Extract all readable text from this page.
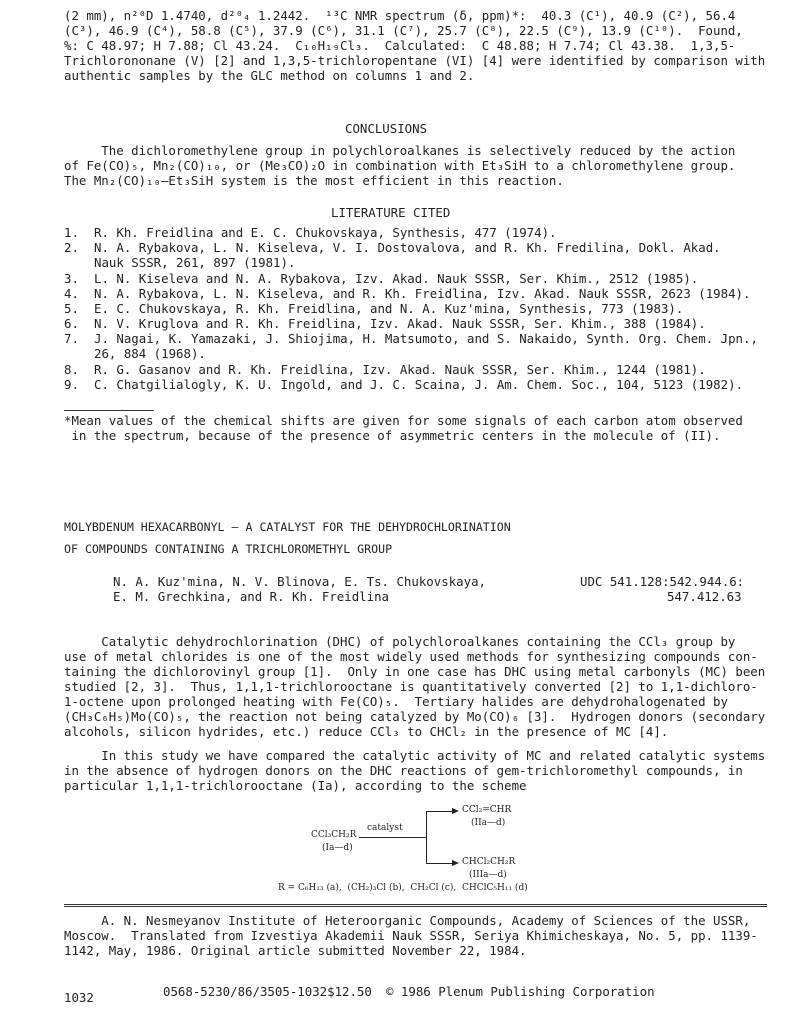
(2 mm), n²⁰D 1.4740, d²⁰₄ 1.2442.  ¹³C NMR spectrum (δ, ppm)*:  40.3 (C¹), 40.9 (C²), 56.4
(C³), 46.9 (C⁴), 58.8 (C⁵), 37.9 (C⁶), 31.1 (C⁷), 25.7 (C⁸), 22.5 (C⁹), 13.9 (C¹⁰).  Found,
%: C 48.97; H 7.88; Cl 43.24.  C₁₀H₁₉Cl₃.  Calculated:  C 48.88; H 7.74; Cl 43.38.  1,3,5-
Trichlorononane (V) [2] and 1,3,5-trichloropentane (VI) [4] were identified by comparison with
authentic samples by the GLC method on columns 1 and 2.
CONCLUSIONS
The dichloromethylene group in polychloroalkanes is selectively reduced by the action
of Fe(CO)₅, Mn₂(CO)₁₀, or (Me₃CO)₂O in combination with Et₃SiH to a chloromethylene group.
The Mn₂(CO)₁₀–Et₃SiH system is the most efficient in this reaction.
LITERATURE CITED
1. R. Kh. Freidlina and E. C. Chukovskaya, Synthesis, 477 (1974).
2. N. A. Rybakova, L. N. Kiseleva, V. I. Dostovalova, and R. Kh. Fredilina, Dokl. Akad.
Nauk SSSR, 261, 897 (1981).
3. L. N. Kiseleva and N. A. Rybakova, Izv. Akad. Nauk SSSR, Ser. Khim., 2512 (1985).
4. N. A. Rybakova, L. N. Kiseleva, and R. Kh. Freidlina, Izv. Akad. Nauk SSSR, 2623 (1984).
5. E. C. Chukovskaya, R. Kh. Freidlina, and N. A. Kuz'mina, Synthesis, 773 (1983).
6. N. V. Kruglova and R. Kh. Freidlina, Izv. Akad. Nauk SSSR, Ser. Khim., 388 (1984).
7. J. Nagai, K. Yamazaki, J. Shiojima, H. Matsumoto, and S. Nakaido, Synth. Org. Chem. Jpn.,
26, 884 (1968).
8. R. G. Gasanov and R. Kh. Freidlina, Izv. Akad. Nauk SSSR, Ser. Khim., 1244 (1981).
9. C. Chatgilialogly, K. U. Ingold, and J. C. Scaina, J. Am. Chem. Soc., 104, 5123 (1982).
*Mean values of the chemical shifts are given for some signals of each carbon atom observed
in the spectrum, because of the presence of asymmetric centers in the molecule of (II).
MOLYBDENUM HEXACARBONYL – A CATALYST FOR THE DEHYDROCHLORINATION
OF COMPOUNDS CONTAINING A TRICHLOROMETHYL GROUP
N. A. Kuz'mina, N. V. Blinova, E. Ts. Chukovskaya,
E. M. Grechkina, and R. Kh. Freidlina
UDC 541.128:542.944.6:
547.412.63
Catalytic dehydrochlorination (DHC) of polychloroalkanes containing the CCl₃ group by
use of metal chlorides is one of the most widely used methods for synthesizing compounds con-
taining the dichlorovinyl group [1].  Only in one case has DHC using metal carbonyls (MC) been
studied [2, 3].  Thus, 1,1,1-trichlorooctane is quantitatively converted [2] to 1,1-dichloro-
1-octene upon prolonged heating with Fe(CO)₅.  Tertiary halides are dehydrohalogenated by
(CH₃C₆H₅)Mo(CO)₅, the reaction not being catalyzed by Mo(CO)₆ [3].  Hydrogen donors (secondary
alcohols, silicon hydrides, etc.) reduce CCl₃ to CHCl₂ in the presence of MC [4].
In this study we have compared the catalytic activity of MC and related catalytic systems
in the absence of hydrogen donors on the DHC reactions of gem-trichloromethyl compounds, in
particular 1,1,1-trichlorooctane (Ia), according to the scheme
CCl₃CH₂R
(Ia—d)
catalyst
CCl₂=CHR
(IIa—d)
CHCl₂CH₂R
(IIIa—d)
R = C₆H₁₃ (a),  (CH₂)₃Cl (b),  CH₂Cl (c),  CHClC₅H₁₁ (d)
A. N. Nesmeyanov Institute of Heteroorganic Compounds, Academy of Sciences of the USSR,
Moscow.  Translated from Izvestiya Akademii Nauk SSSR, Seriya Khimicheskaya, No. 5, pp. 1139-
1142, May, 1986. Original article submitted November 22, 1984.
1032	0568-5230/86/3505-1032$12.50 © 1986 Plenum Publishing Corporation
